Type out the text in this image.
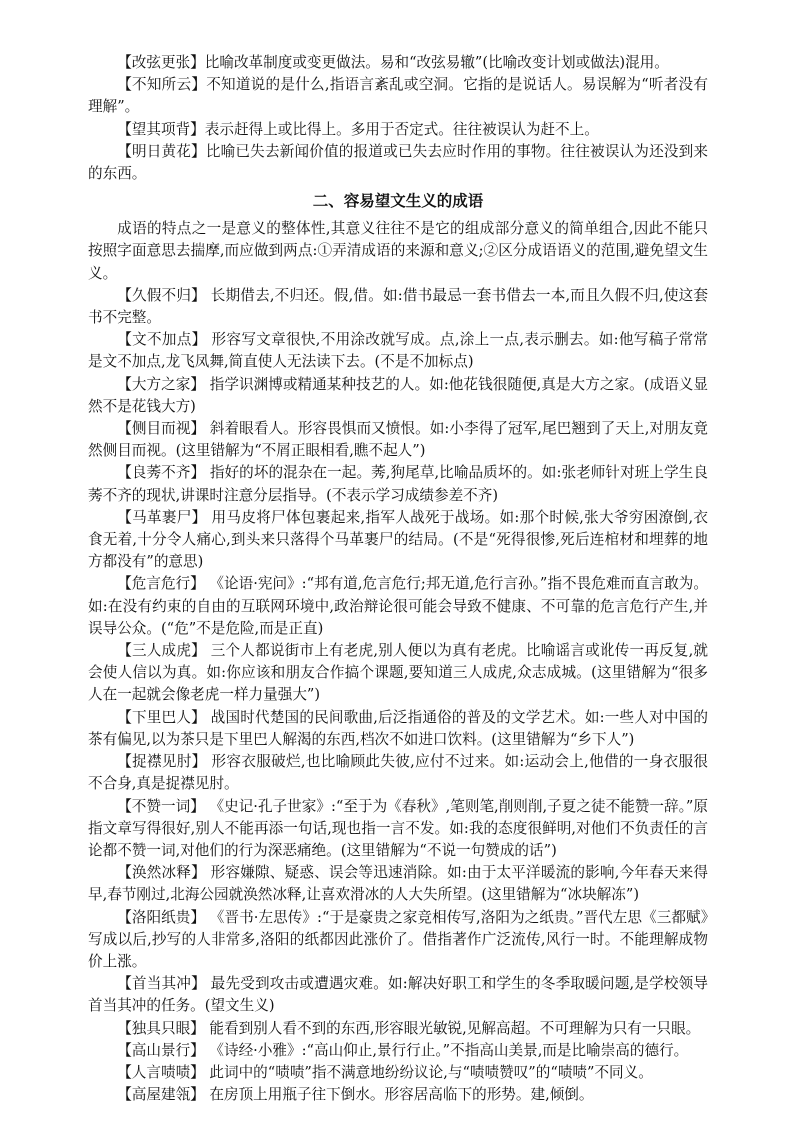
【改弦更张】比喻改革制度或变更做法。易和“改弦易辙”(比喻改变计划或做法)混用。

【不知所云】不知道说的是什么,指语言紊乱或空洞。它指的是说话人。易误解为“听者没有理解”。

【望其项背】表示赶得上或比得上。多用于否定式。往往被误认为赶不上。

【明日黄花】比喻已失去新闻价值的报道或已失去应时作用的事物。往往被误认为还没到来的东西。

二、容易望文生义的成语

成语的特点之一是意义的整体性,其意义往往不是它的组成部分意义的简单组合,因此不能只按照字面意思去揣摩,而应做到两点:①弄清成语的来源和意义;②区分成语语义的范围,避免望文生义。

【久假不归】 长期借去,不归还。假,借。如:借书最忌一套书借去一本,而且久假不归,使这套书不完整。

【文不加点】 形容写文章很快,不用涂改就写成。点,涂上一点,表示删去。如:他写稿子常常是文不加点,龙飞凤舞,简直使人无法读下去。(不是不加标点)

【大方之家】 指学识渊博或精通某种技艺的人。如:他花钱很随便,真是大方之家。(成语义显然不是花钱大方)

【侧目而视】 斜着眼看人。形容畏惧而又愤恨。如:小李得了冠军,尾巴翘到了天上,对朋友竟然侧目而视。(这里错解为“不屑正眼相看,瞧不起人”)

【良莠不齐】 指好的坏的混杂在一起。莠,狗尾草,比喻品质坏的。如:张老师针对班上学生良莠不齐的现状,讲课时注意分层指导。(不表示学习成绩参差不齐)

【马革裹尸】 用马皮将尸体包裹起来,指军人战死于战场。如:那个时候,张大爷穷困潦倒,衣食无着,十分令人痛心,到头来只落得个马革裹尸的结局。(不是“死得很惨,死后连棺材和埋葬的地方都没有”的意思)

【危言危行】 《论语·宪问》:“邦有道,危言危行;邦无道,危行言孙。”指不畏危难而直言敢为。如:在没有约束的自由的互联网环境中,政治辩论很可能会导致不健康、不可靠的危言危行产生,并误导公众。(“危”不是危险,而是正直)

【三人成虎】 三个人都说街市上有老虎,别人便以为真有老虎。比喻谣言或讹传一再反复,就会使人信以为真。如:你应该和朋友合作搞个课题,要知道三人成虎,众志成城。(这里错解为“很多人在一起就会像老虎一样力量强大”)

【下里巴人】 战国时代楚国的民间歌曲,后泛指通俗的普及的文学艺术。如:一些人对中国的茶有偏见,以为茶只是下里巴人解渴的东西,档次不如进口饮料。(这里错解为“乡下人”)

【捉襟见肘】 形容衣服破烂,也比喻顾此失彼,应付不过来。如:运动会上,他借的一身衣服很不合身,真是捉襟见肘。

【不赞一词】 《史记·孔子世家》:“至于为《春秋》,笔则笔,削则削,子夏之徒不能赞一辞。”原指文章写得很好,别人不能再添一句话,现也指一言不发。如:我的态度很鲜明,对他们不负责任的言论都不赞一词,对他们的行为深恶痛绝。(这里错解为“不说一句赞成的话”)

【涣然冰释】 形容嫌隙、疑惑、误会等迅速消除。如:由于太平洋暖流的影响,今年春天来得早,春节刚过,北海公园就涣然冰释,让喜欢滑冰的人大失所望。(这里错解为“冰块解冻”)

【洛阳纸贵】 《晋书·左思传》:“于是豪贵之家竞相传写,洛阳为之纸贵。”晋代左思《三都赋》写成以后,抄写的人非常多,洛阳的纸都因此涨价了。借指著作广泛流传,风行一时。不能理解成物价上涨。

【首当其冲】 最先受到攻击或遭遇灾难。如:解决好职工和学生的冬季取暖问题,是学校领导首当其冲的任务。(望文生义)

【独具只眼】 能看到别人看不到的东西,形容眼光敏锐,见解高超。不可理解为只有一只眼。

【高山景行】 《诗经·小雅》:“高山仰止,景行行止。”不指高山美景,而是比喻崇高的德行。

【人言啧啧】 此词中的“啧啧”指不满意地纷纷议论,与“啧啧赞叹”的“啧啧”不同义。

【高屋建瓴】 在房顶上用瓶子往下倒水。形容居高临下的形势。建,倾倒。
